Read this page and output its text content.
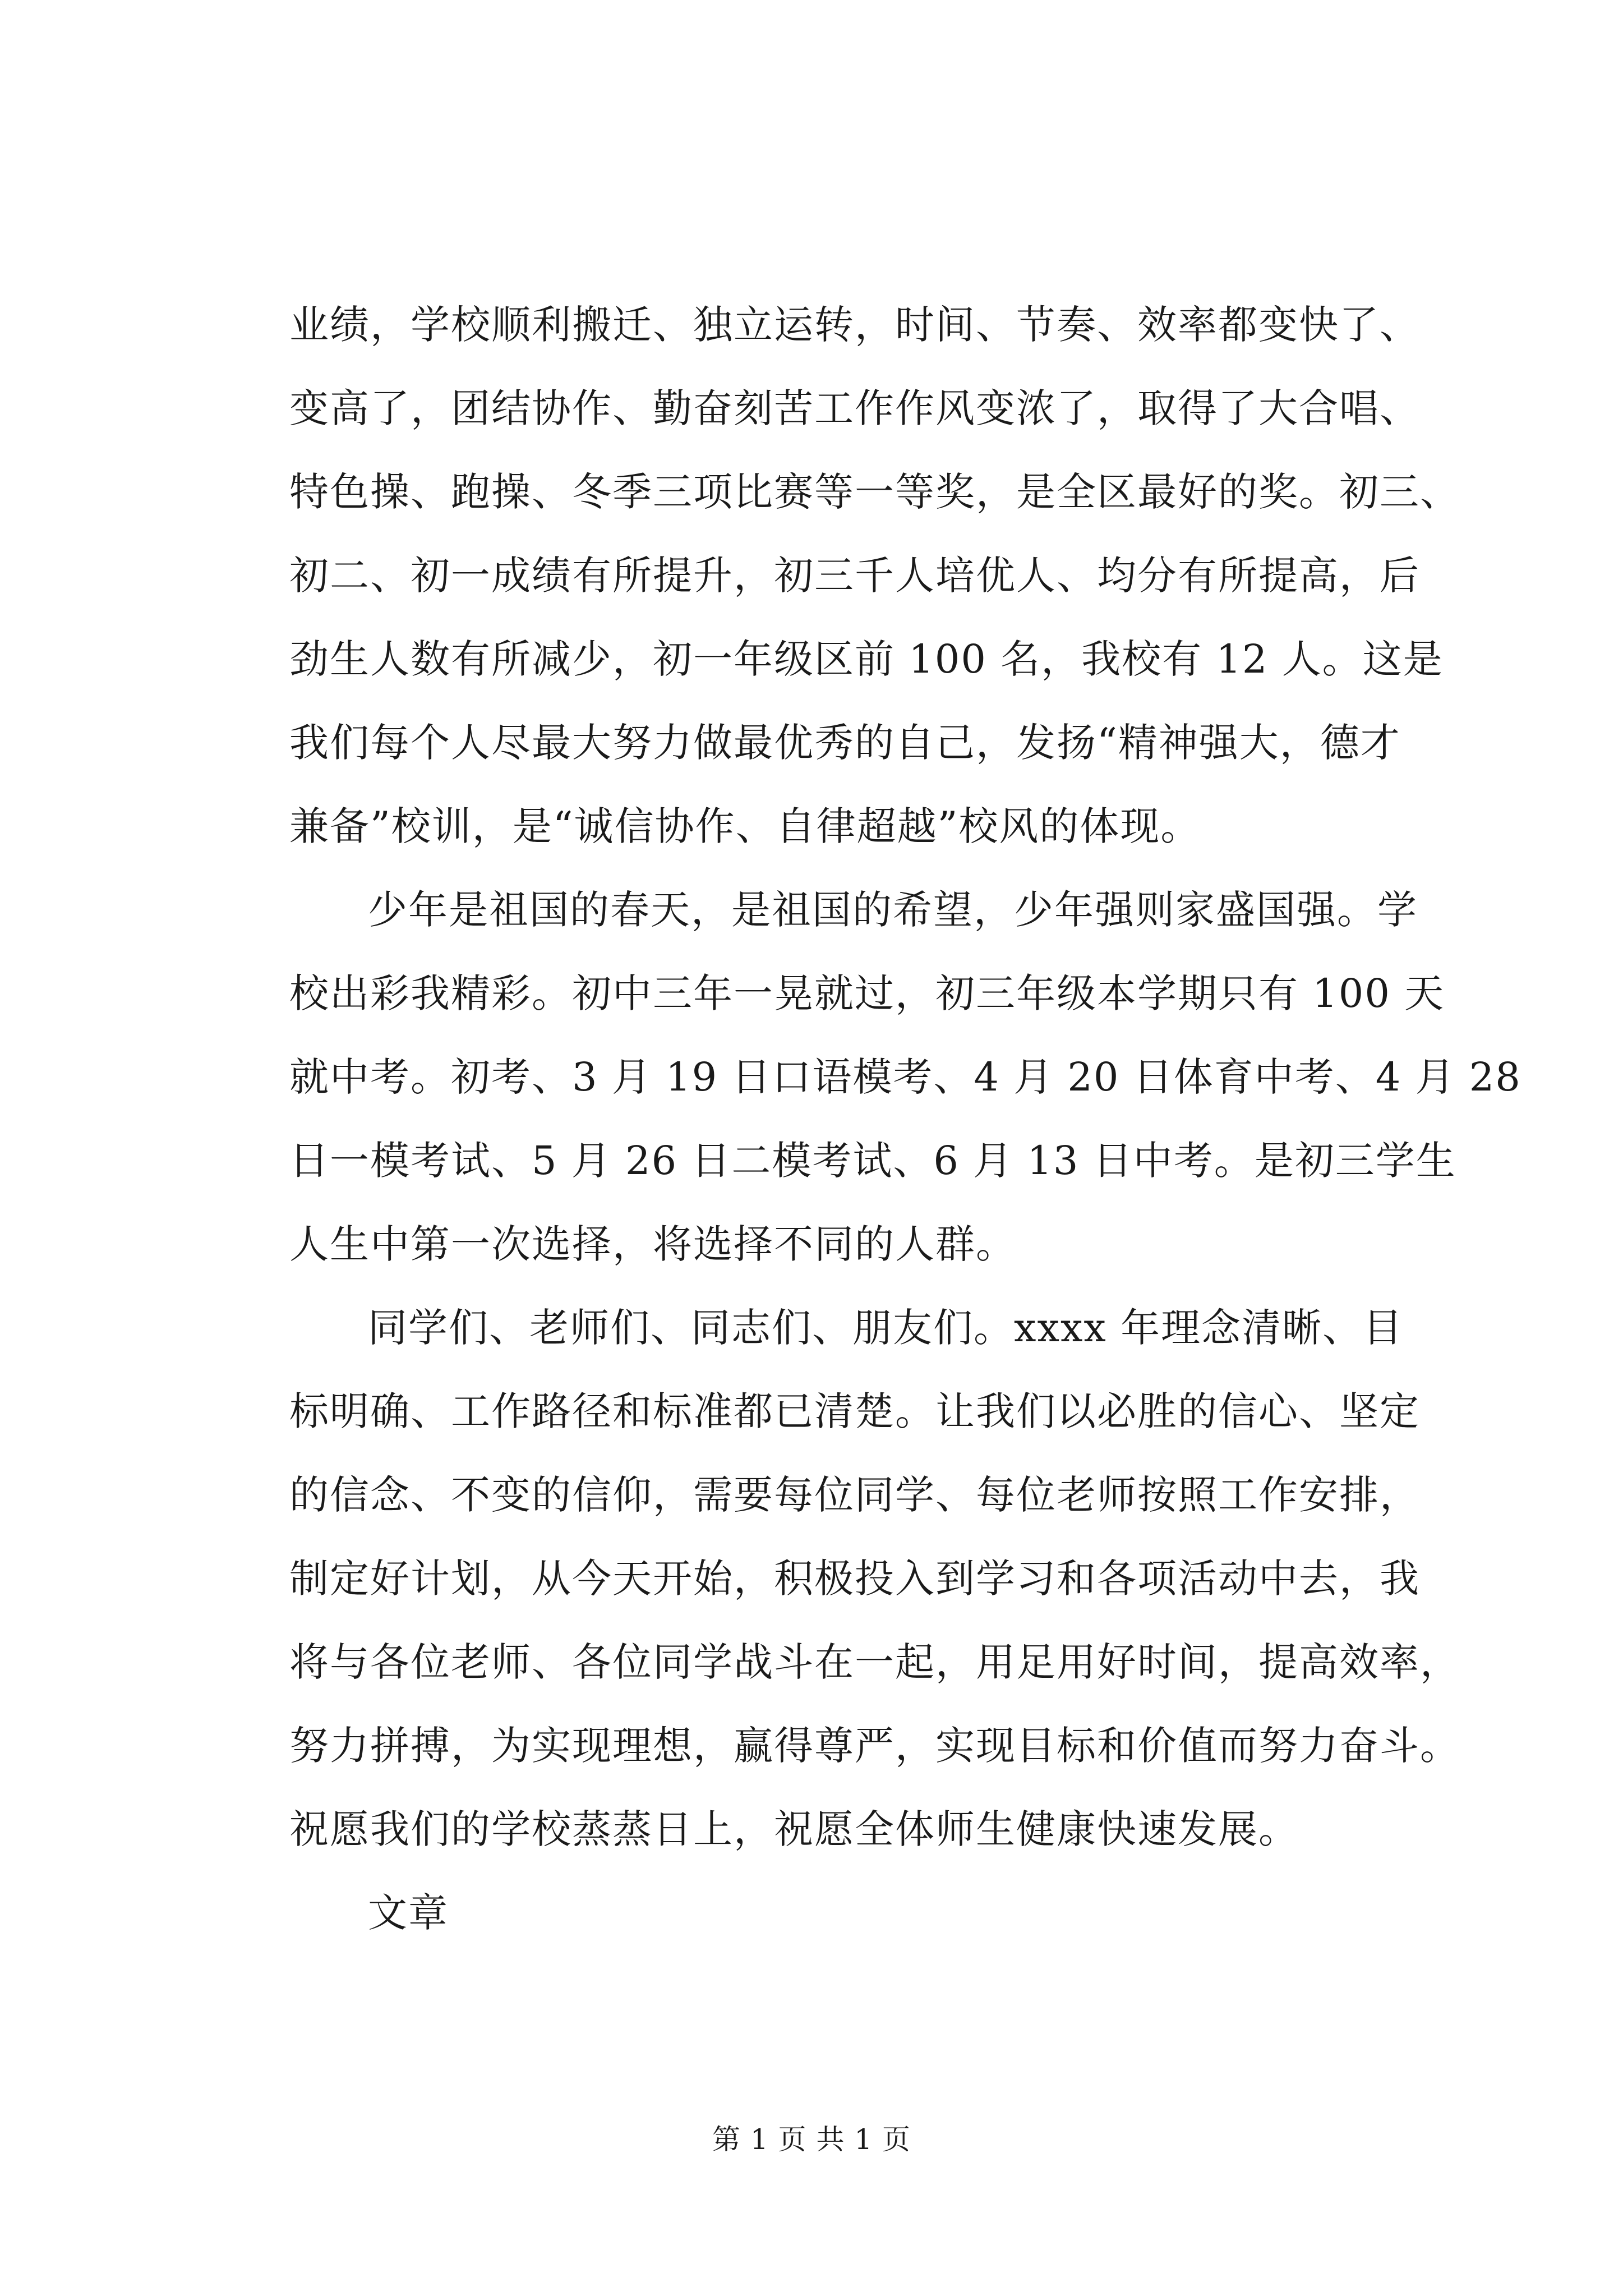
业绩，学校顺利搬迁、独立运转，时间、节奏、效率都变快了、
变高了，团结协作、勤奋刻苦工作作风变浓了，取得了大合唱、
特色操、跑操、冬季三项比赛等一等奖，是全区最好的奖。初三、
初二、初一成绩有所提升，初三千人培优人、均分有所提高，后
劲生人数有所减少，初一年级区前 100 名，我校有 12 人。这是
我们每个人尽最大努力做最优秀的自己，发扬“精神强大，德才
兼备”校训，是“诚信协作、自律超越”校风的体现。
少年是祖国的春天，是祖国的希望，少年强则家盛国强。学
校出彩我精彩。初中三年一晃就过，初三年级本学期只有 100 天
就中考。初考、3 月 19 日口语模考、4 月 20 日体育中考、4 月 28
日一模考试、5 月 26 日二模考试、6 月 13 日中考。是初三学生
人生中第一次选择，将选择不同的人群。
同学们、老师们、同志们、朋友们。xxxx 年理念清晰、目
标明确、工作路径和标准都已清楚。让我们以必胜的信心、坚定
的信念、不变的信仰，需要每位同学、每位老师按照工作安排，
制定好计划，从今天开始，积极投入到学习和各项活动中去，我
将与各位老师、各位同学战斗在一起，用足用好时间，提高效率，
努力拼搏，为实现理想，赢得尊严，实现目标和价值而努力奋斗。
祝愿我们的学校蒸蒸日上，祝愿全体师生健康快速发展。
文章
第 1 页 共 1 页
